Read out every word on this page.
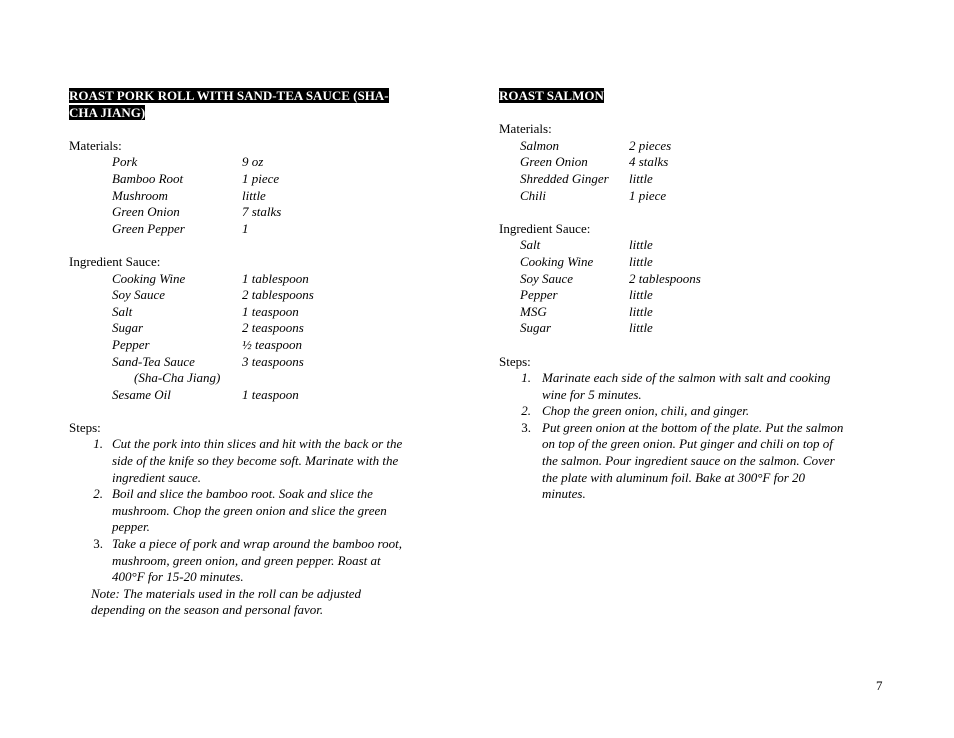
ROAST PORK ROLL WITH SAND-TEA SAUCE (SHA-
CHA JIANG)
Materials:
Pork	9 oz
Bamboo Root	1 piece
Mushroom	little
Green Onion	7 stalks
Green Pepper	1
Ingredient Sauce:
Cooking Wine	1 tablespoon
Soy Sauce	2 tablespoons
Salt	1 teaspoon
Sugar	2 teaspoons
Pepper	½ teaspoon
Sand-Tea Sauce	3 teaspoons
(Sha-Cha Jiang)
Sesame Oil	1 teaspoon
Steps:
1. Cut the pork into thin slices and hit with the back or the
side of the knife so they become soft. Marinate with the
ingredient sauce.
2. Boil and slice the bamboo root. Soak and slice the
mushroom. Chop the green onion and slice the green
pepper.
3. Take a piece of pork and wrap around the bamboo root,
mushroom, green onion, and green pepper. Roast at
400°F for 15-20 minutes.
Note: The materials used in the roll can be adjusted
depending on the season and personal favor.
ROAST SALMON
Materials:
Salmon	2 pieces
Green Onion	4 stalks
Shredded Ginger	little
Chili	1 piece
Ingredient Sauce:
Salt	little
Cooking Wine	little
Soy Sauce	2 tablespoons
Pepper	little
MSG	little
Sugar	little
Steps:
1. Marinate each side of the salmon with salt and cooking
wine for 5 minutes.
2. Chop the green onion, chili, and ginger.
3. Put green onion at the bottom of the plate. Put the salmon
on top of the green onion. Put ginger and chili on top of
the salmon. Pour ingredient sauce on the salmon. Cover
the plate with aluminum foil. Bake at 300°F for 20
minutes.
7
